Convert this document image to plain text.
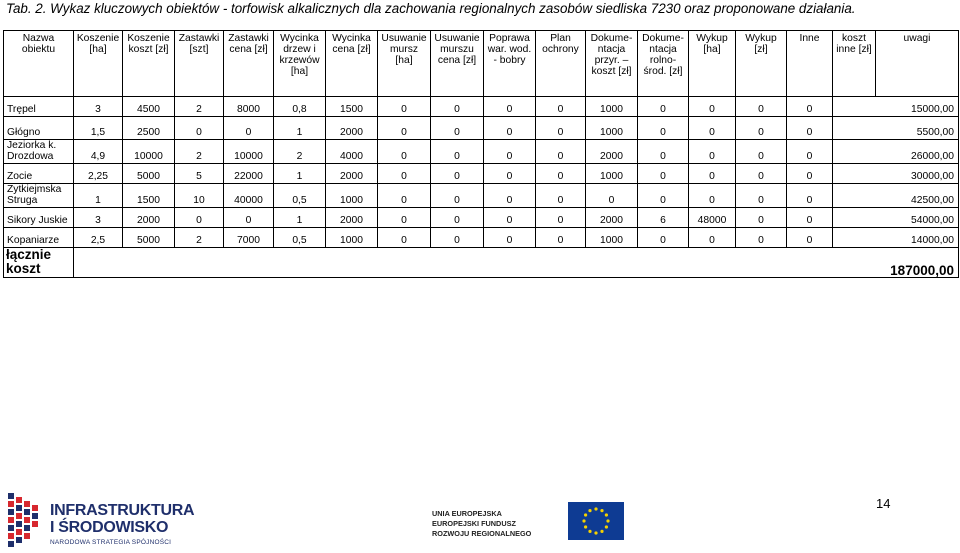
Tab. 2. Wykaz kluczowych obiektów - torfowisk alkalicznych dla zachowania regionalnych zasobów siedliska 7230 oraz proponowane działania.
Nazwa obiektu	Koszenie [ha]	Koszenie koszt [zł]	Zastawki [szt]	Zastawki cena [zł]	Wycinka drzew i krzewów [ha]	Wycinka cena [zł]	Usuwanie mursz [ha]	Usuwanie murszu cena [zł]	Poprawa war. wod. - bobry	Plan ochrony	Dokume-ntacja przyr. – koszt [zł]	Dokume-ntacja rolno-środ. [zł]	Wykup [ha]	Wykup [zł]	Inne	koszt inne [zł]	uwagi
Trępel	3	4500	2	8000	0,8	1500	0	0	0	0	1000	0	0	0	0	15000,00	
Głógno	1,5	2500	0	0	1	2000	0	0	0	0	1000	0	0	0	0	5500,00	
Jeziorka k. Drozdowa	4,9	10000	2	10000	2	4000	0	0	0	0	2000	0	0	0	0	26000,00	
Zocie	2,25	5000	5	22000	1	2000	0	0	0	0	1000	0	0	0	0	30000,00	
Żytkiejmska Struga	1	1500	10	40000	0,5	1000	0	0	0	0	0	0	0	0	0	42500,00	
Sikory Juskie	3	2000	0	0	1	2000	0	0	0	0	2000	6	48000	0	0	54000,00	
Kopaniarze	2,5	5000	2	7000	0,5	1000	0	0	0	0	1000	0	0	0	0	14000,00	
łącznie koszt	187000,00																
INFRASTRUKTURA
I ŚRODOWISKO
NARODOWA STRATEGIA SPÓJNOŚCI
UNIA EUROPEJSKA
EUROPEJSKI FUNDUSZ
ROZWOJU REGIONALNEGO
14
